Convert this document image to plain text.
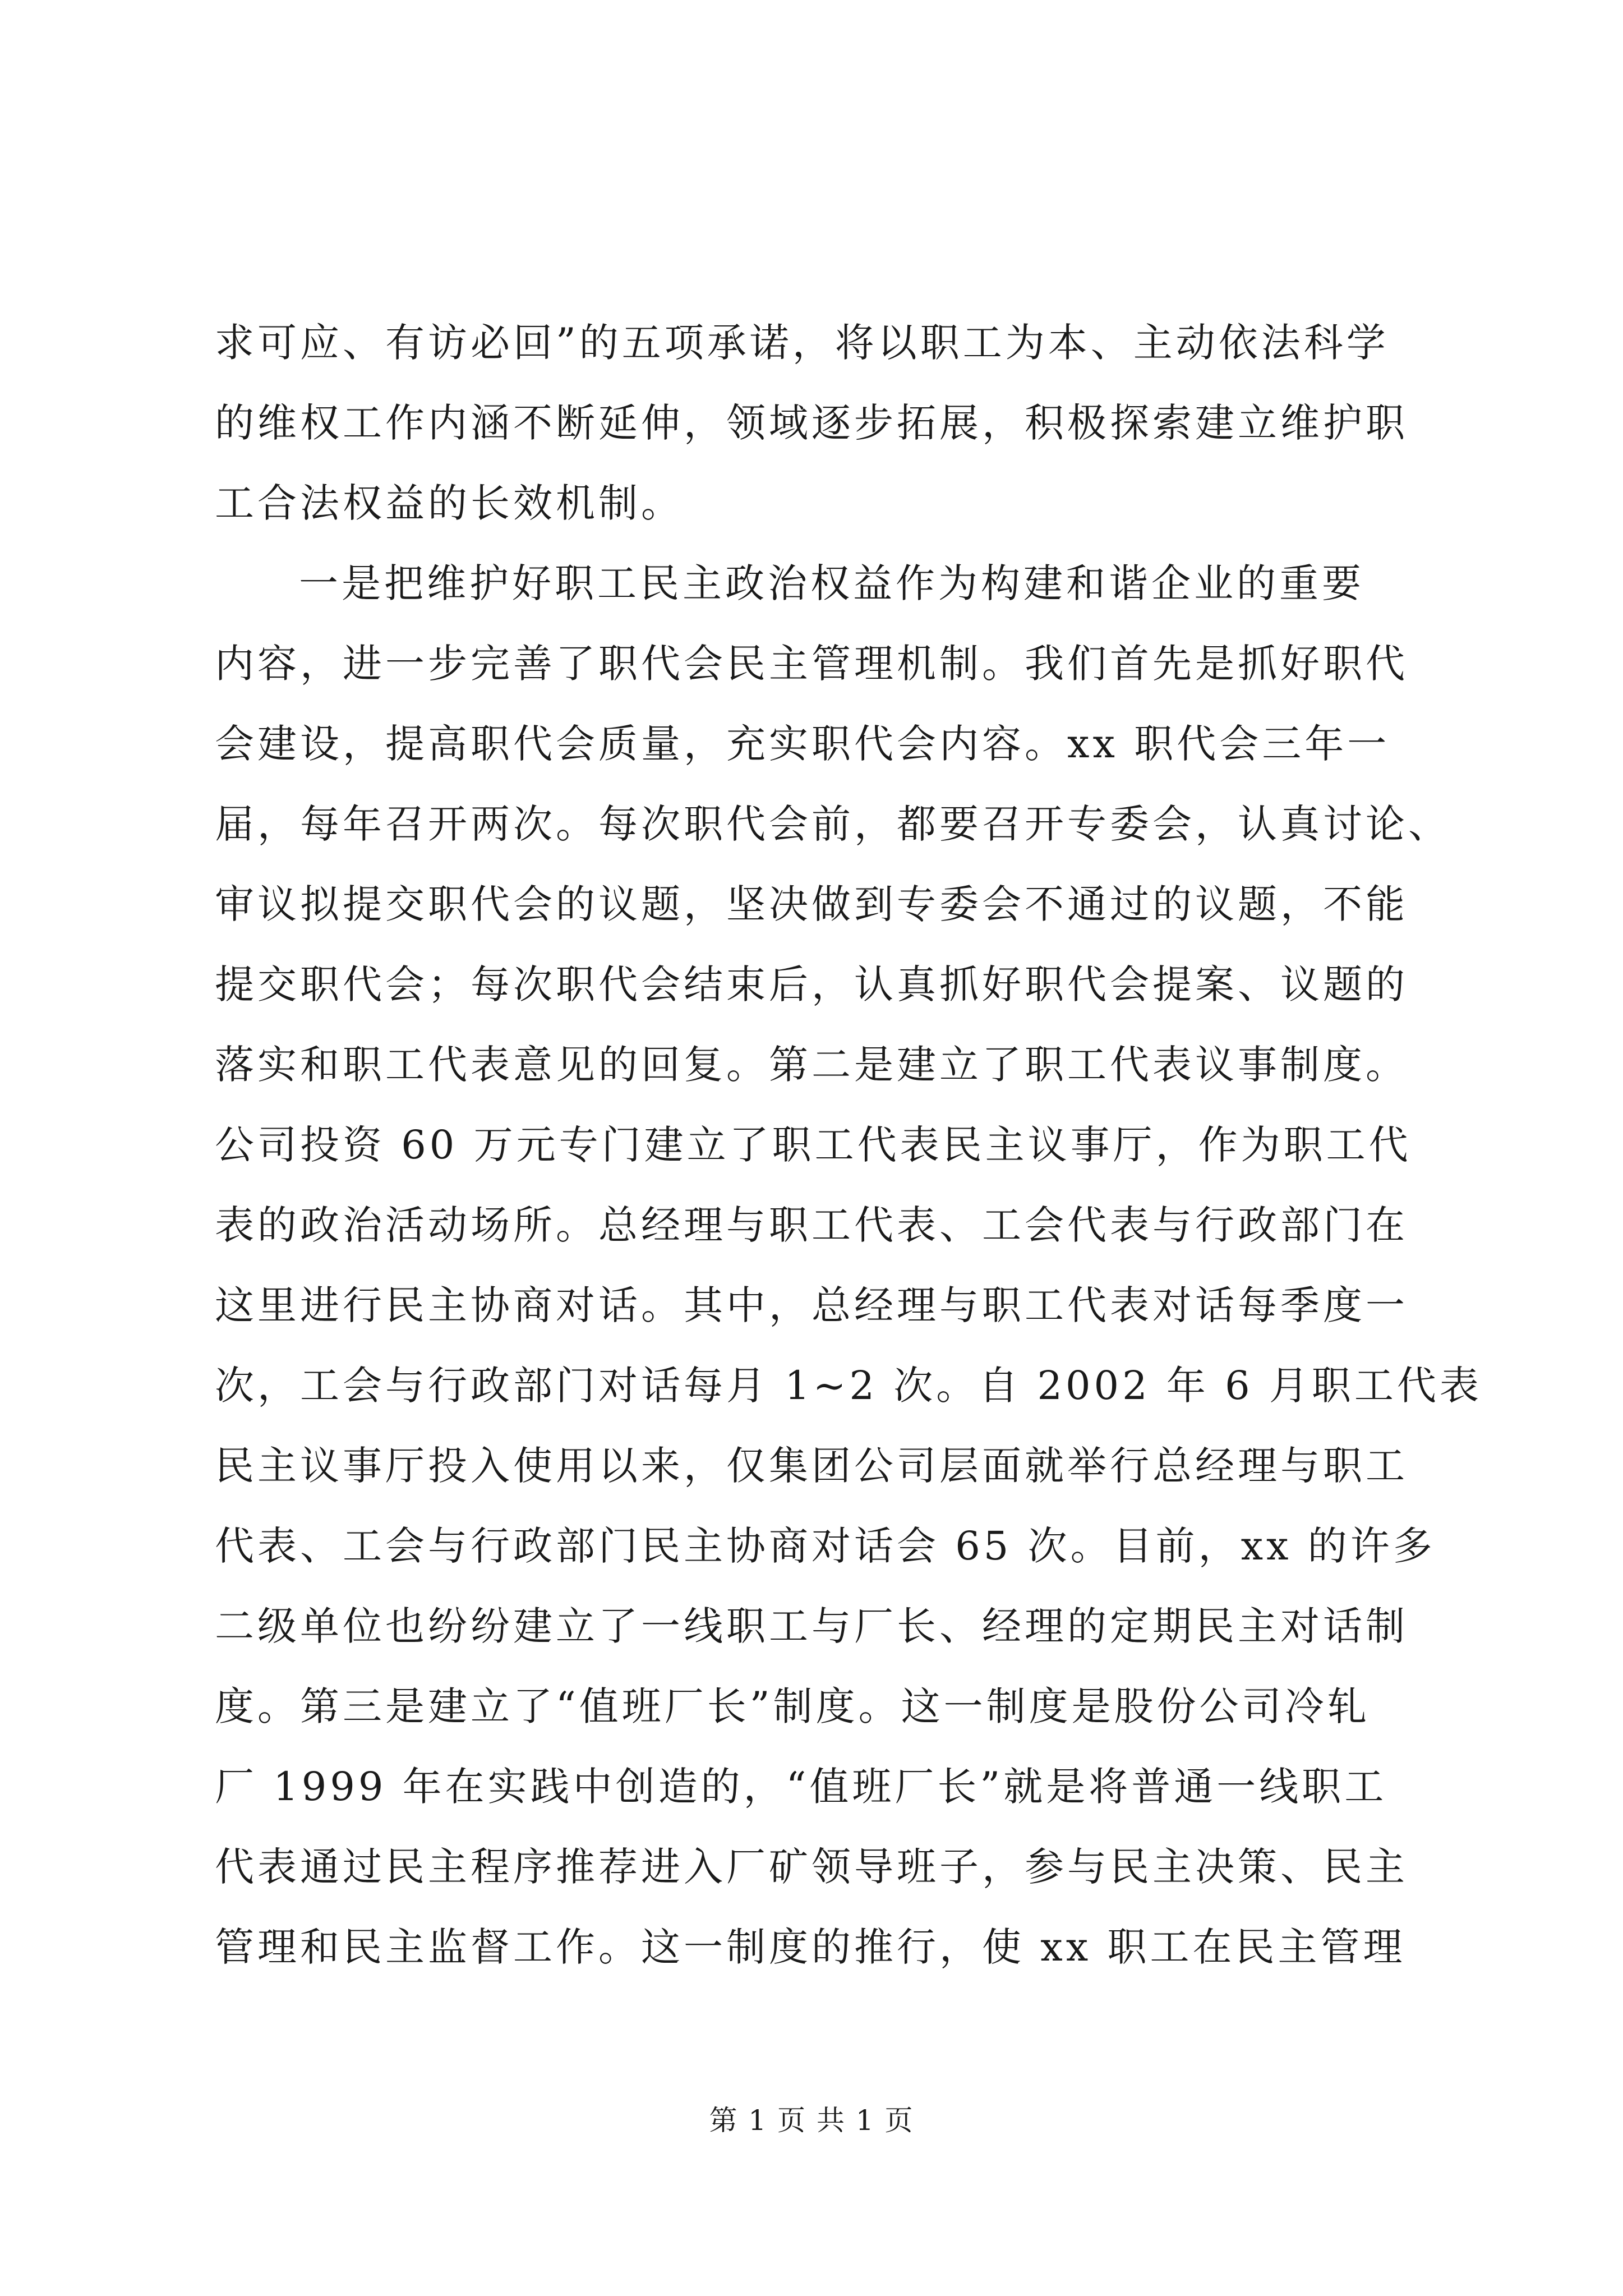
求可应、有访必回”的五项承诺，将以职工为本、主动依法科学
的维权工作内涵不断延伸，领域逐步拓展，积极探索建立维护职
工合法权益的长效机制。
一是把维护好职工民主政治权益作为构建和谐企业的重要
内容，进一步完善了职代会民主管理机制。我们首先是抓好职代
会建设，提高职代会质量，充实职代会内容。xx 职代会三年一
届，每年召开两次。每次职代会前，都要召开专委会，认真讨论、
审议拟提交职代会的议题，坚决做到专委会不通过的议题，不能
提交职代会；每次职代会结束后，认真抓好职代会提案、议题的
落实和职工代表意见的回复。第二是建立了职工代表议事制度。
公司投资 60 万元专门建立了职工代表民主议事厅，作为职工代
表的政治活动场所。总经理与职工代表、工会代表与行政部门在
这里进行民主协商对话。其中，总经理与职工代表对话每季度一
次，工会与行政部门对话每月 1~2 次。自 2002 年 6 月职工代表
民主议事厅投入使用以来，仅集团公司层面就举行总经理与职工
代表、工会与行政部门民主协商对话会 65 次。目前，xx 的许多
二级单位也纷纷建立了一线职工与厂长、经理的定期民主对话制
度。第三是建立了“值班厂长”制度。这一制度是股份公司冷轧
厂 1999 年在实践中创造的，“值班厂长”就是将普通一线职工
代表通过民主程序推荐进入厂矿领导班子，参与民主决策、民主
管理和民主监督工作。这一制度的推行，使 xx 职工在民主管理
第 1 页 共 1 页
